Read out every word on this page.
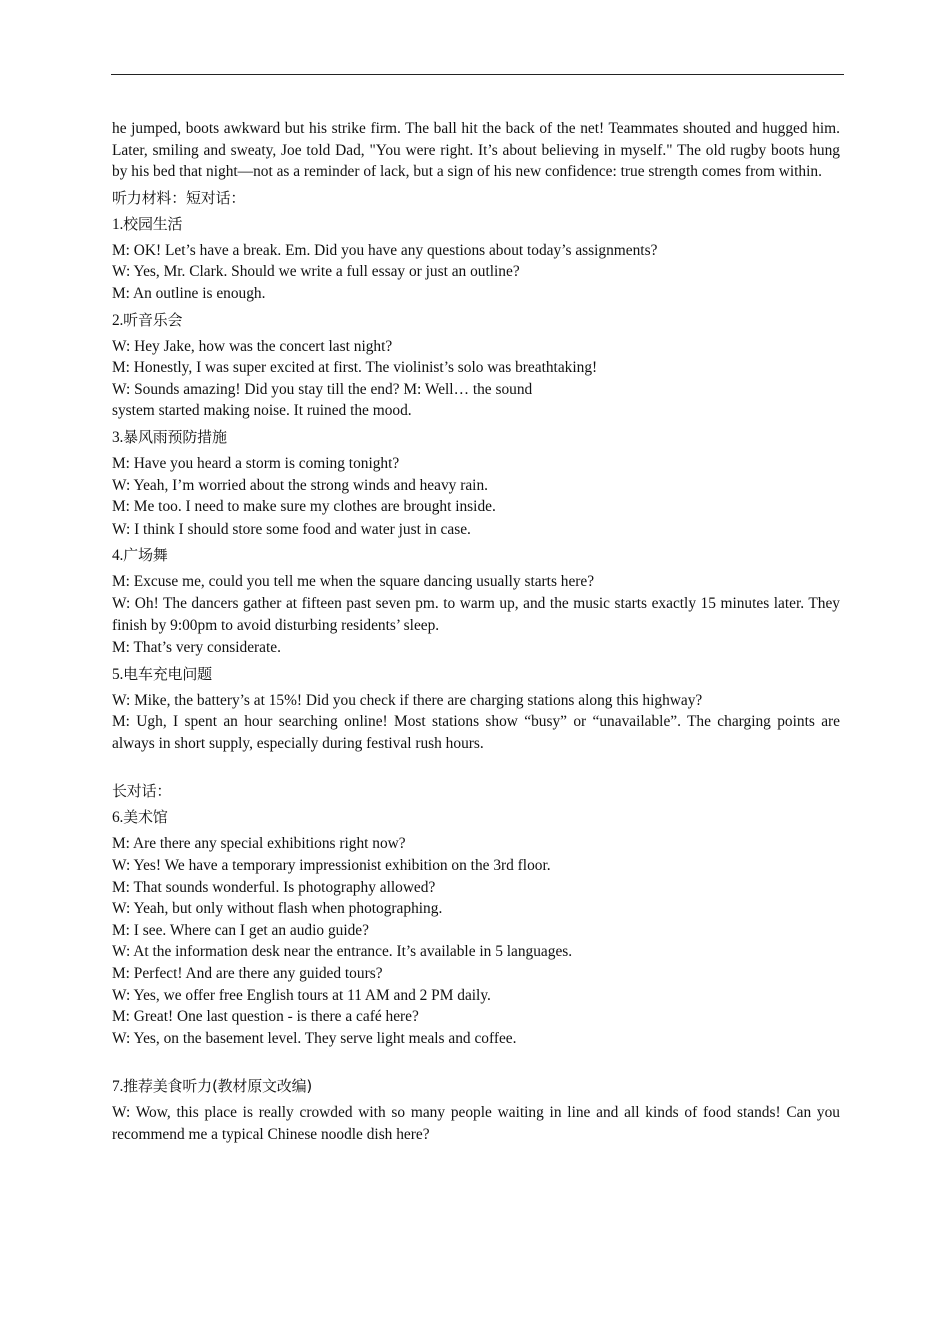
he jumped, boots awkward but his strike firm. The ball hit the back of the net! Teammates shouted and hugged him. Later, smiling and sweaty, Joe told Dad, "You were right. It’s about believing in myself." The old rugby boots hung by his bed that night—not as a reminder of lack, but a sign of his new confidence: true strength comes from within.

听力材料：短对话：
1.校园生活

M: OK! Let’s have a break. Em. Did you have any questions about today’s assignments?

W: Yes, Mr. Clark. Should we write a full essay or just an outline?

M: An outline is enough.

2.听音乐会

W: Hey Jake, how was the concert last night?

M: Honestly, I was super excited at first. The violinist’s solo was breathtaking!

W: Sounds amazing! Did you stay till the end? M: Well… the sound

system started making noise. It ruined the mood.

3.暴风雨预防措施

M: Have you heard a storm is coming tonight?

W: Yeah, I’m worried about the strong winds and heavy rain.

M: Me too. I need to make sure my clothes are brought inside.

W: I think I should store some food and water just in case.

4.广场舞

M: Excuse me, could you tell me when the square dancing usually starts here?

W: Oh! The dancers gather at fifteen past seven pm. to warm up, and the music starts exactly 15 minutes later. They finish by 9:00pm to avoid disturbing residents’ sleep.

M: That’s very considerate.

5.电车充电问题

W: Mike, the battery’s at 15%! Did you check if there are charging stations along this highway?

M: Ugh, I spent an hour searching online! Most stations show “busy” or “unavailable”. The charging points are always in short supply, especially during festival rush hours.

长对话：
6.美术馆

M: Are there any special exhibitions right now?

W: Yes! We have a temporary impressionist exhibition on the 3rd floor.

M: That sounds wonderful. Is photography allowed?

W: Yeah, but only without flash when photographing.

M: I see. Where can I get an audio guide?

W: At the information desk near the entrance. It’s available in 5 languages.

M: Perfect! And are there any guided tours?

W: Yes, we offer free English tours at 11 AM and 2 PM daily.

M: Great! One last question - is there a café here?

W: Yes, on the basement level. They serve light meals and coffee.

7.推荐美食听力(教材原文改编)

W: Wow, this place is really crowded with so many people waiting in line and all kinds of food stands! Can you recommend me a typical Chinese noodle dish here?
